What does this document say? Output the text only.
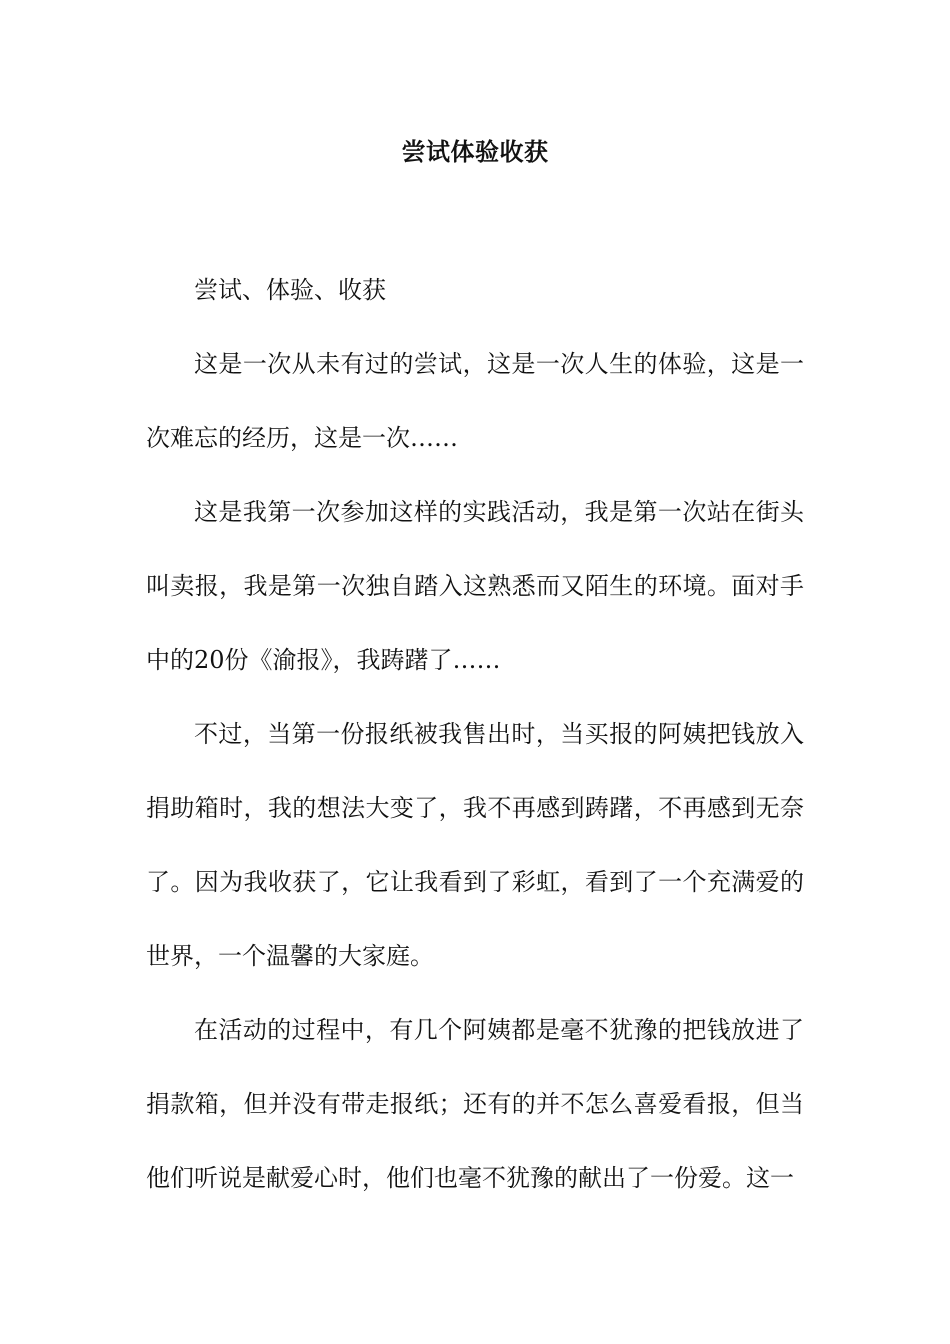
尝试体验收获

尝试、体验、收获

这是一次从未有过的尝试，这是一次人生的体验，这是一次难忘的经历，这是一次……

这是我第一次参加这样的实践活动，我是第一次站在街头叫卖报，我是第一次独自踏入这熟悉而又陌生的环境。面对手中的20份《渝报》，我踌躇了……

不过，当第一份报纸被我售出时，当买报的阿姨把钱放入捐助箱时，我的想法大变了，我不再感到踌躇，不再感到无奈了。因为我收获了，它让我看到了彩虹，看到了一个充满爱的世界，一个温馨的大家庭。

在活动的过程中，有几个阿姨都是毫不犹豫的把钱放进了捐款箱，但并没有带走报纸；还有的并不怎么喜爱看报，但当他们听说是献爱心时，他们也毫不犹豫的献出了一份爱。这一
